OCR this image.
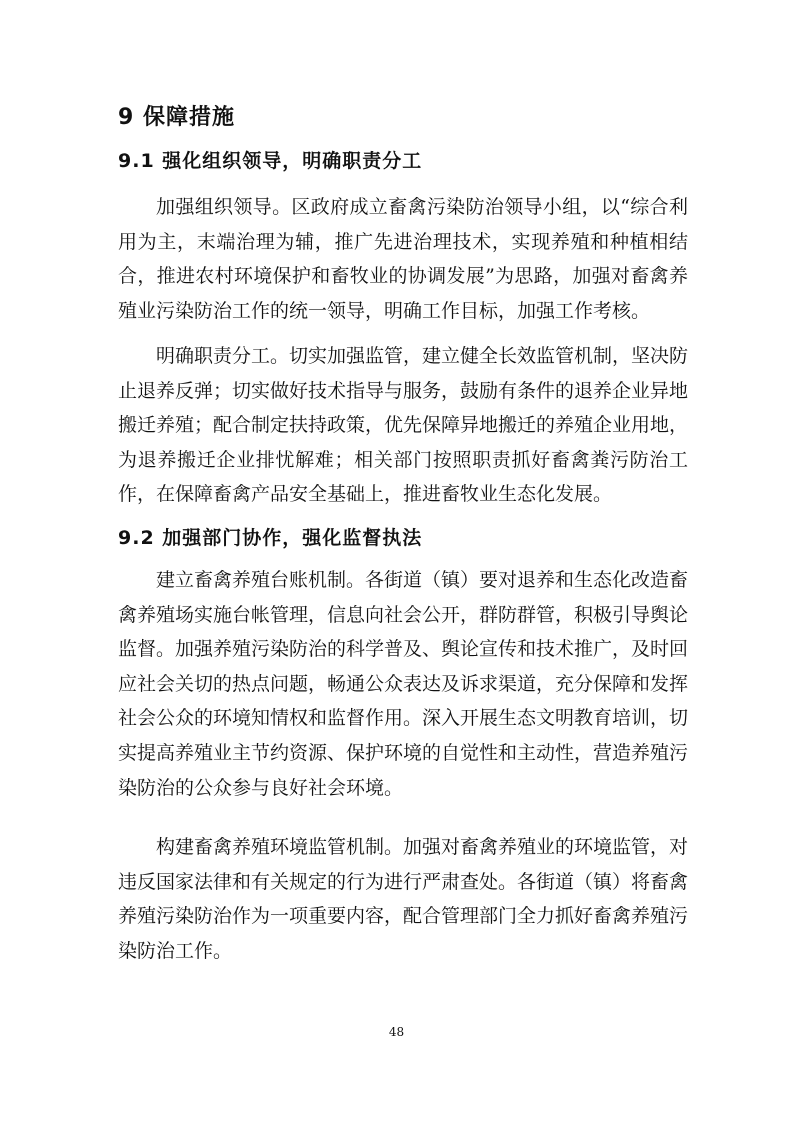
9 保障措施
9.1 强化组织领导，明确职责分工

加强组织领导。区政府成立畜禽污染防治领导小组，以“综合利用为主，末端治理为辅，推广先进治理技术，实现养殖和种植相结合，推进农村环境保护和畜牧业的协调发展”为思路，加强对畜禽养殖业污染防治工作的统一领导，明确工作目标，加强工作考核。

明确职责分工。切实加强监管，建立健全长效监管机制，坚决防止退养反弹；切实做好技术指导与服务，鼓励有条件的退养企业异地搬迁养殖；配合制定扶持政策，优先保障异地搬迁的养殖企业用地，为退养搬迁企业排忧解难；相关部门按照职责抓好畜禽粪污防治工作，在保障畜禽产品安全基础上，推进畜牧业生态化发展。

9.2 加强部门协作，强化监督执法

建立畜禽养殖台账机制。各街道（镇）要对退养和生态化改造畜禽养殖场实施台帐管理，信息向社会公开，群防群管，积极引导舆论监督。加强养殖污染防治的科学普及、舆论宣传和技术推广，及时回应社会关切的热点问题，畅通公众表达及诉求渠道，充分保障和发挥社会公众的环境知情权和监督作用。深入开展生态文明教育培训，切实提高养殖业主节约资源、保护环境的自觉性和主动性，营造养殖污染防治的公众参与良好社会环境。

构建畜禽养殖环境监管机制。加强对畜禽养殖业的环境监管，对违反国家法律和有关规定的行为进行严肃查处。各街道（镇）将畜禽养殖污染防治作为一项重要内容，配合管理部门全力抓好畜禽养殖污染防治工作。

48
